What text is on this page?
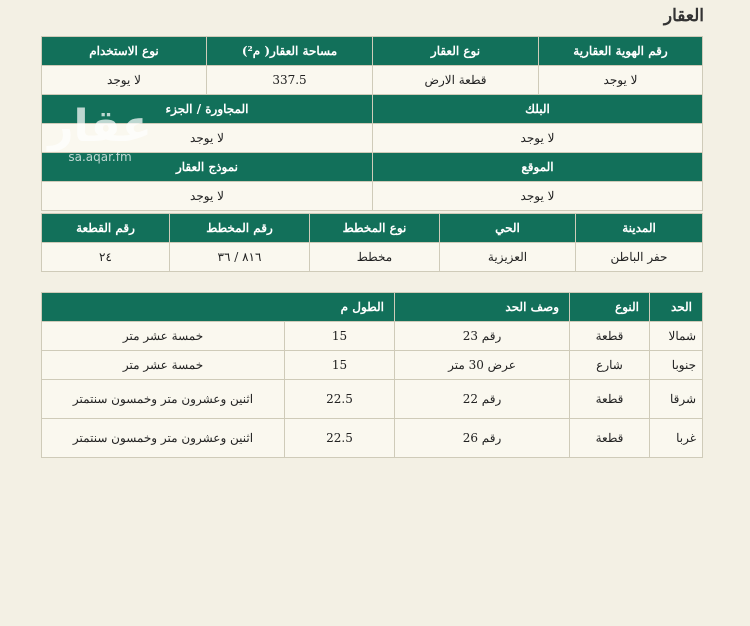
العقار
رقم الهوية العقارية	نوع العقار	مساحة العقار( م²)	نوع الاستخدام
لا يوجد	قطعة الارض	337.5	لا يوجد
البلك		المجاورة / الجزء	
لا يوجد		لا يوجد	
الموقع		نموذج العقار	
لا يوجد		لا يوجد	
المدينة	الحي	نوع المخطط	رقم المخطط	رقم القطعة
حفر الباطن	العزيزية	مخطط	٨١٦ / ٣٦	٢٤
الحد	النوع	وصف الحد	الطول م	
شمالا	قطعة	رقم 23	15	خمسة عشر متر
جنوبا	شارع	عرض 30 متر	15	خمسة عشر متر
شرقا	قطعة	رقم 22	22.5	اثنين وعشرون متر وخمسون سنتمتر
غربا	قطعة	رقم 26	22.5	اثنين وعشرون متر وخمسون سنتمتر
عقار
sa.aqar.fm
